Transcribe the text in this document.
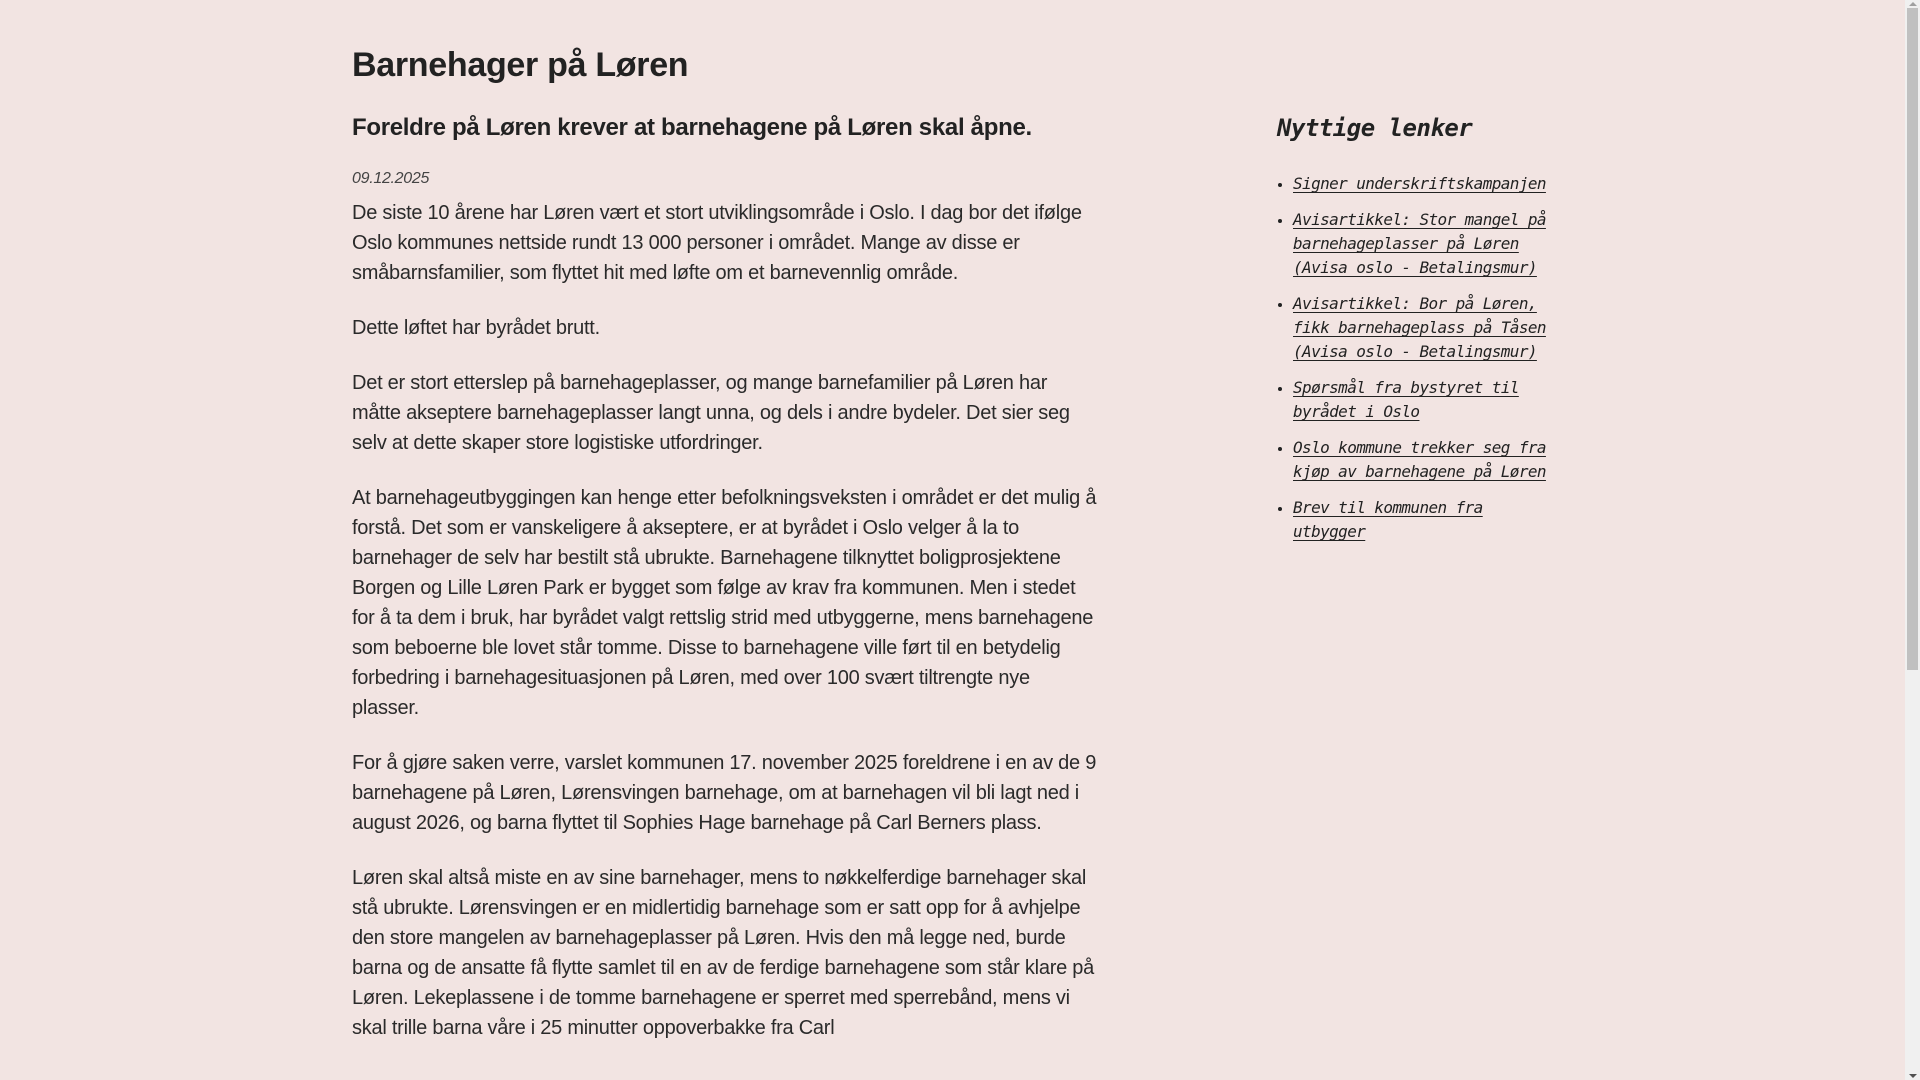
Barnehager på Løren
Foreldre på Løren krever at barnehagene på Løren skal åpne.
09.12.2025

De siste 10 årene har Løren vært et stort utviklingsområde i Oslo. I dag bor det ifølge Oslo kommunes nettside rundt 13 000 personer i området. Mange av disse er småbarnsfamilier, som flyttet hit med løfte om et barnevennlig område.

Dette løftet har byrådet brutt.

Det er stort etterslep på barnehageplasser, og mange barnefamilier på Løren har måtte akseptere barnehageplasser langt unna, og dels i andre bydeler. Det sier seg selv at dette skaper store logistiske utfordringer.

At barnehageutbyggingen kan henge etter befolkningsveksten i området er det mulig å forstå. Det som er vanskeligere å akseptere, er at byrådet i Oslo velger å la to barnehager de selv har bestilt stå ubrukte. Barnehagene tilknyttet boligprosjektene Borgen og Lille Løren Park er bygget som følge av krav fra kommunen. Men i stedet for å ta dem i bruk, har byrådet valgt rettslig strid med utbyggerne, mens barnehagene som beboerne ble lovet står tomme. Disse to barnehagene ville ført til en betydelig forbedring i barnehagesituasjonen på Løren, med over 100 svært tiltrengte nye plasser.

For å gjøre saken verre, varslet kommunen 17. november 2025 foreldrene i en av de 9 barnehagene på Løren, Lørensvingen barnehage, om at barnehagen vil bli lagt ned i august 2026, og barna flyttet til Sophies Hage barnehage på Carl Berners plass.

Løren skal altså miste en av sine barnehager, mens to nøkkelferdige barnehager skal stå ubrukte. Lørensvingen er en midlertidig barnehage som er satt opp for å avhjelpe den store mangelen av barnehageplasser på Løren. Hvis den må legge ned, burde barna og de ansatte få flytte samlet til en av de ferdige barnehagene som står klare på Løren. Lekeplassene i de tomme barnehagene er sperret med sperrebånd, mens vi skal trille barna våre i 25 minutter oppoverbakke fra Carl

Nyttige lenker
• Signer underskriftskampanjen
• Avisartikkel: Stor mangel på barnehageplasser på Løren (Avisa oslo - Betalingsmur)
• Avisartikkel: Bor på Løren, fikk barnehageplass på Tåsen (Avisa oslo - Betalingsmur)
• Spørsmål fra bystyret til byrådet i Oslo
• Oslo kommune trekker seg fra kjøp av barnehagene på Løren
• Brev til kommunen fra utbygger
